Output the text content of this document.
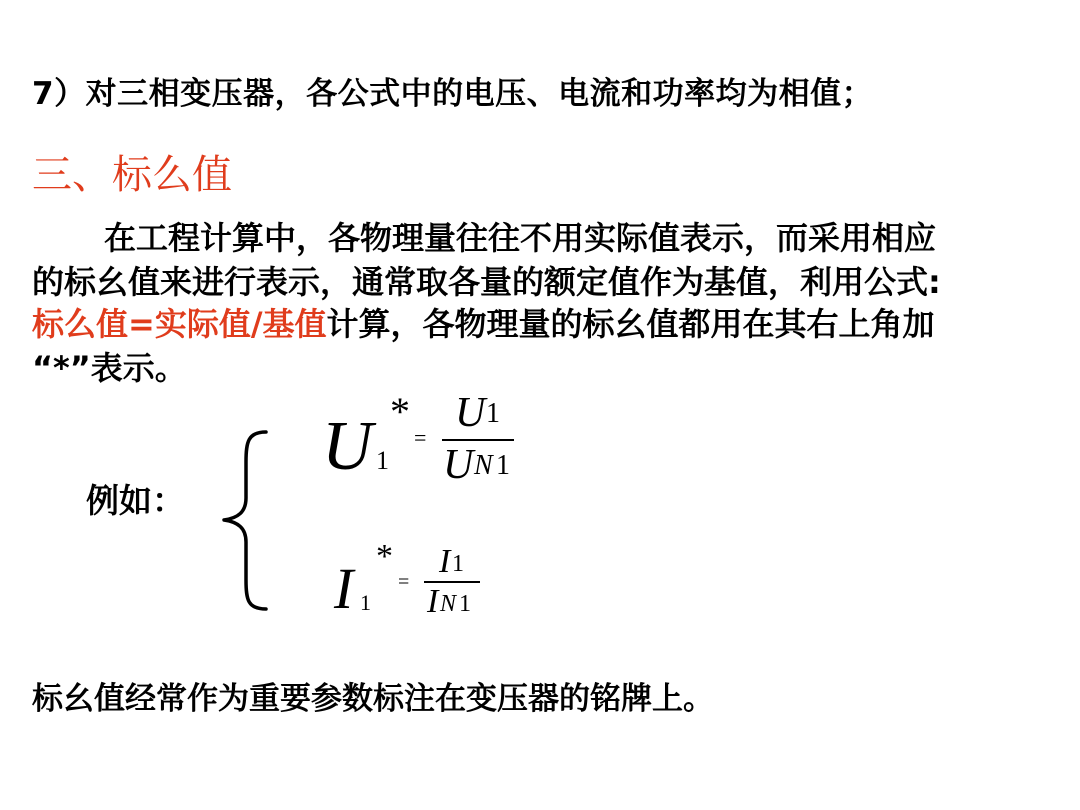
7）对三相变压器，各公式中的电压、电流和功率均为相值；
三、标么值
在工程计算中，各物理量往往不用实际值表示，而采用相应
的标幺值来进行表示，通常取各量的额定值作为基值，利用公式:
标么值=实际值/基值计算，各物理量的标幺值都用在其右上角加
“*”表示。
例如：
U 1
*
=
U 1
U N 1
I 1
*
=
I 1
I N 1
标幺值经常作为重要参数标注在变压器的铭牌上。
